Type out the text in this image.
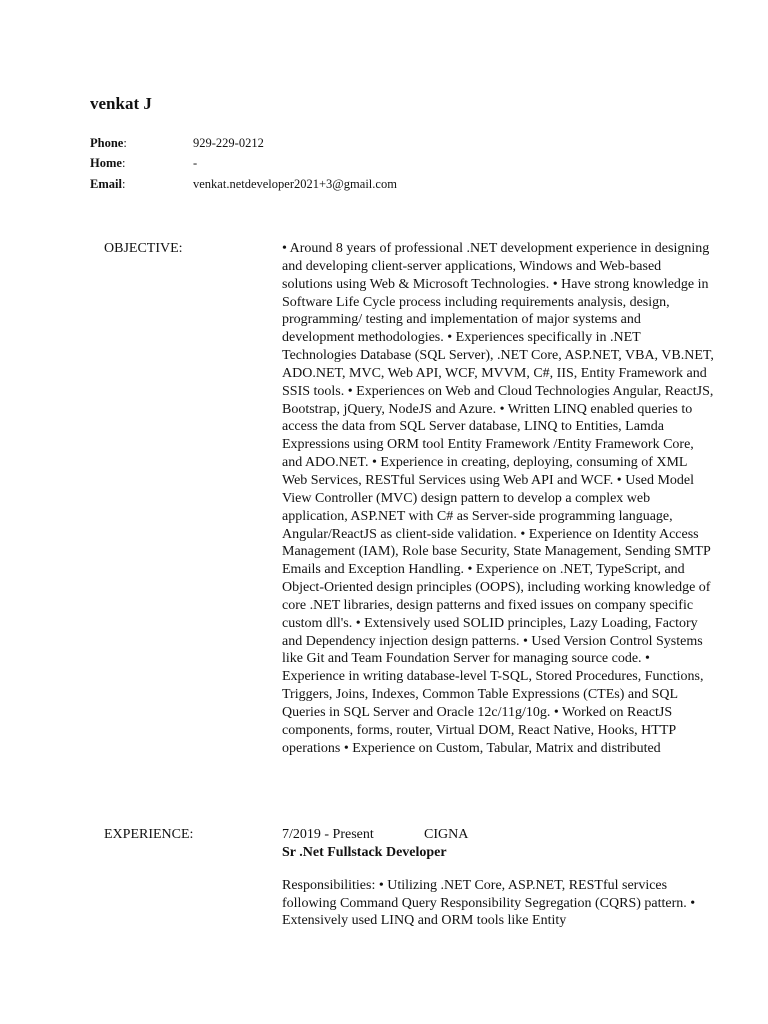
venkat J
Phone:	929-229-0212
Home:	-
Email:	venkat.netdeveloper2021+3@gmail.com
OBJECTIVE:	• Around 8 years of professional .NET development experience in designing and developing client-server applications, Windows and Web-based solutions using Web & Microsoft Technologies. • Have strong knowledge in Software Life Cycle process including requirements analysis, design, programming/ testing and implementation of major systems and development methodologies. • Experiences specifically in .NET Technologies Database (SQL Server), .NET Core, ASP.NET, VBA, VB.NET, ADO.NET, MVC, Web API, WCF, MVVM, C#, IIS, Entity Framework and SSIS tools. • Experiences on Web and Cloud Technologies Angular, ReactJS, Bootstrap, jQuery, NodeJS and Azure. • Written LINQ enabled queries to access the data from SQL Server database, LINQ to Entities, Lamda Expressions using ORM tool Entity Framework /Entity Framework Core, and ADO.NET. • Experience in creating, deploying, consuming of XML Web Services, RESTful Services using Web API and WCF. • Used Model View Controller (MVC) design pattern to develop a complex web application, ASP.NET with C# as Server-side programming language, Angular/ReactJS as client-side validation. • Experience on Identity Access Management (IAM), Role base Security, State Management, Sending SMTP Emails and Exception Handling. • Experience on .NET, TypeScript, and Object-Oriented design principles (OOPS), including working knowledge of core .NET libraries, design patterns and fixed issues on company specific custom dll's. • Extensively used SOLID principles, Lazy Loading, Factory and Dependency injection design patterns. • Used Version Control Systems like Git and Team Foundation Server for managing source code. • Experience in writing database-level T-SQL, Stored Procedures, Functions, Triggers, Joins, Indexes, Common Table Expressions (CTEs) and SQL Queries in SQL Server and Oracle 12c/11g/10g. • Worked on ReactJS components, forms, router, Virtual DOM, React Native, Hooks, HTTP operations • Experience on Custom, Tabular, Matrix and distributed
EXPERIENCE:	7/2019 - Present	CIGNA
Sr .Net Fullstack Developer
Responsibilities: • Utilizing .NET Core, ASP.NET, RESTful services following Command Query Responsibility Segregation (CQRS) pattern. • Extensively used LINQ and ORM tools like Entity
